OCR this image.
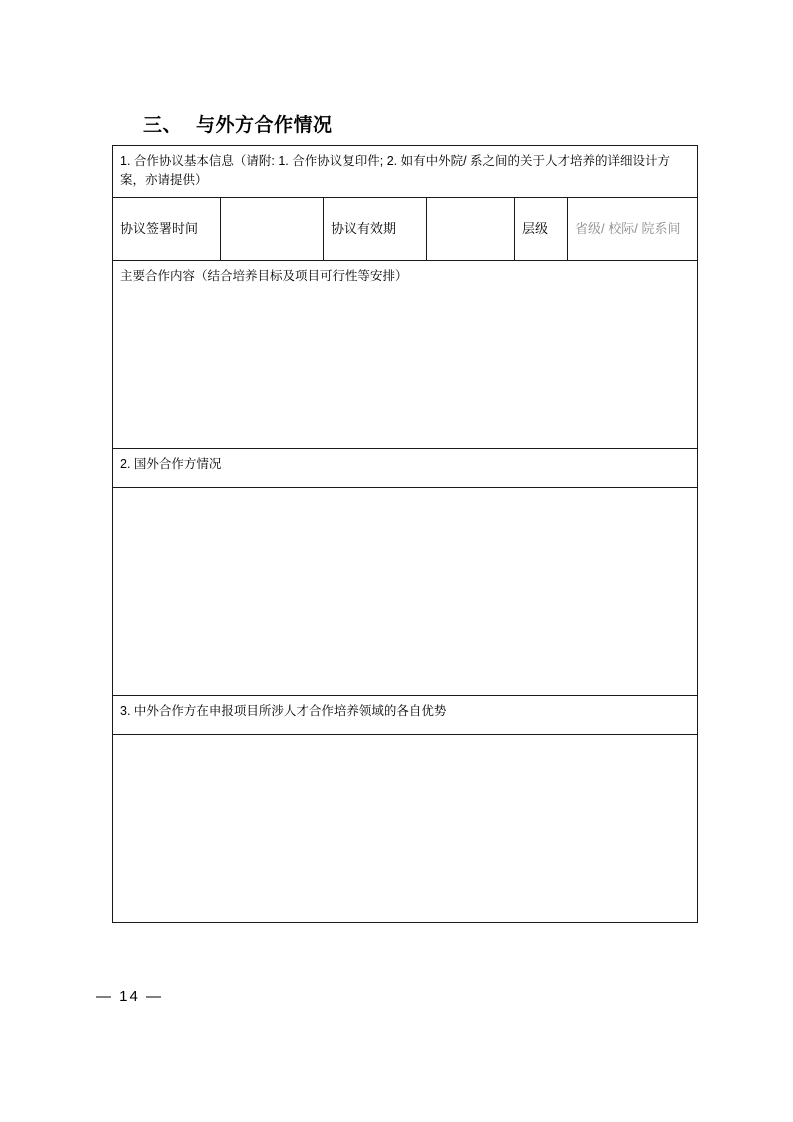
三、 与外方合作情况
1. 合作协议基本信息（请附: 1. 合作协议复印件; 2. 如有中外院/ 系之间的关于人才培养的详细设计方案，亦请提供）
协议签署时间		协议有效期		层级	省级/ 校际/ 院系间
主要合作内容（结合培养目标及项目可行性等安排）
2. 国外合作方情况

3. 中外合作方在申报项目所涉人才合作培养领域的各自优势

— 14 —
